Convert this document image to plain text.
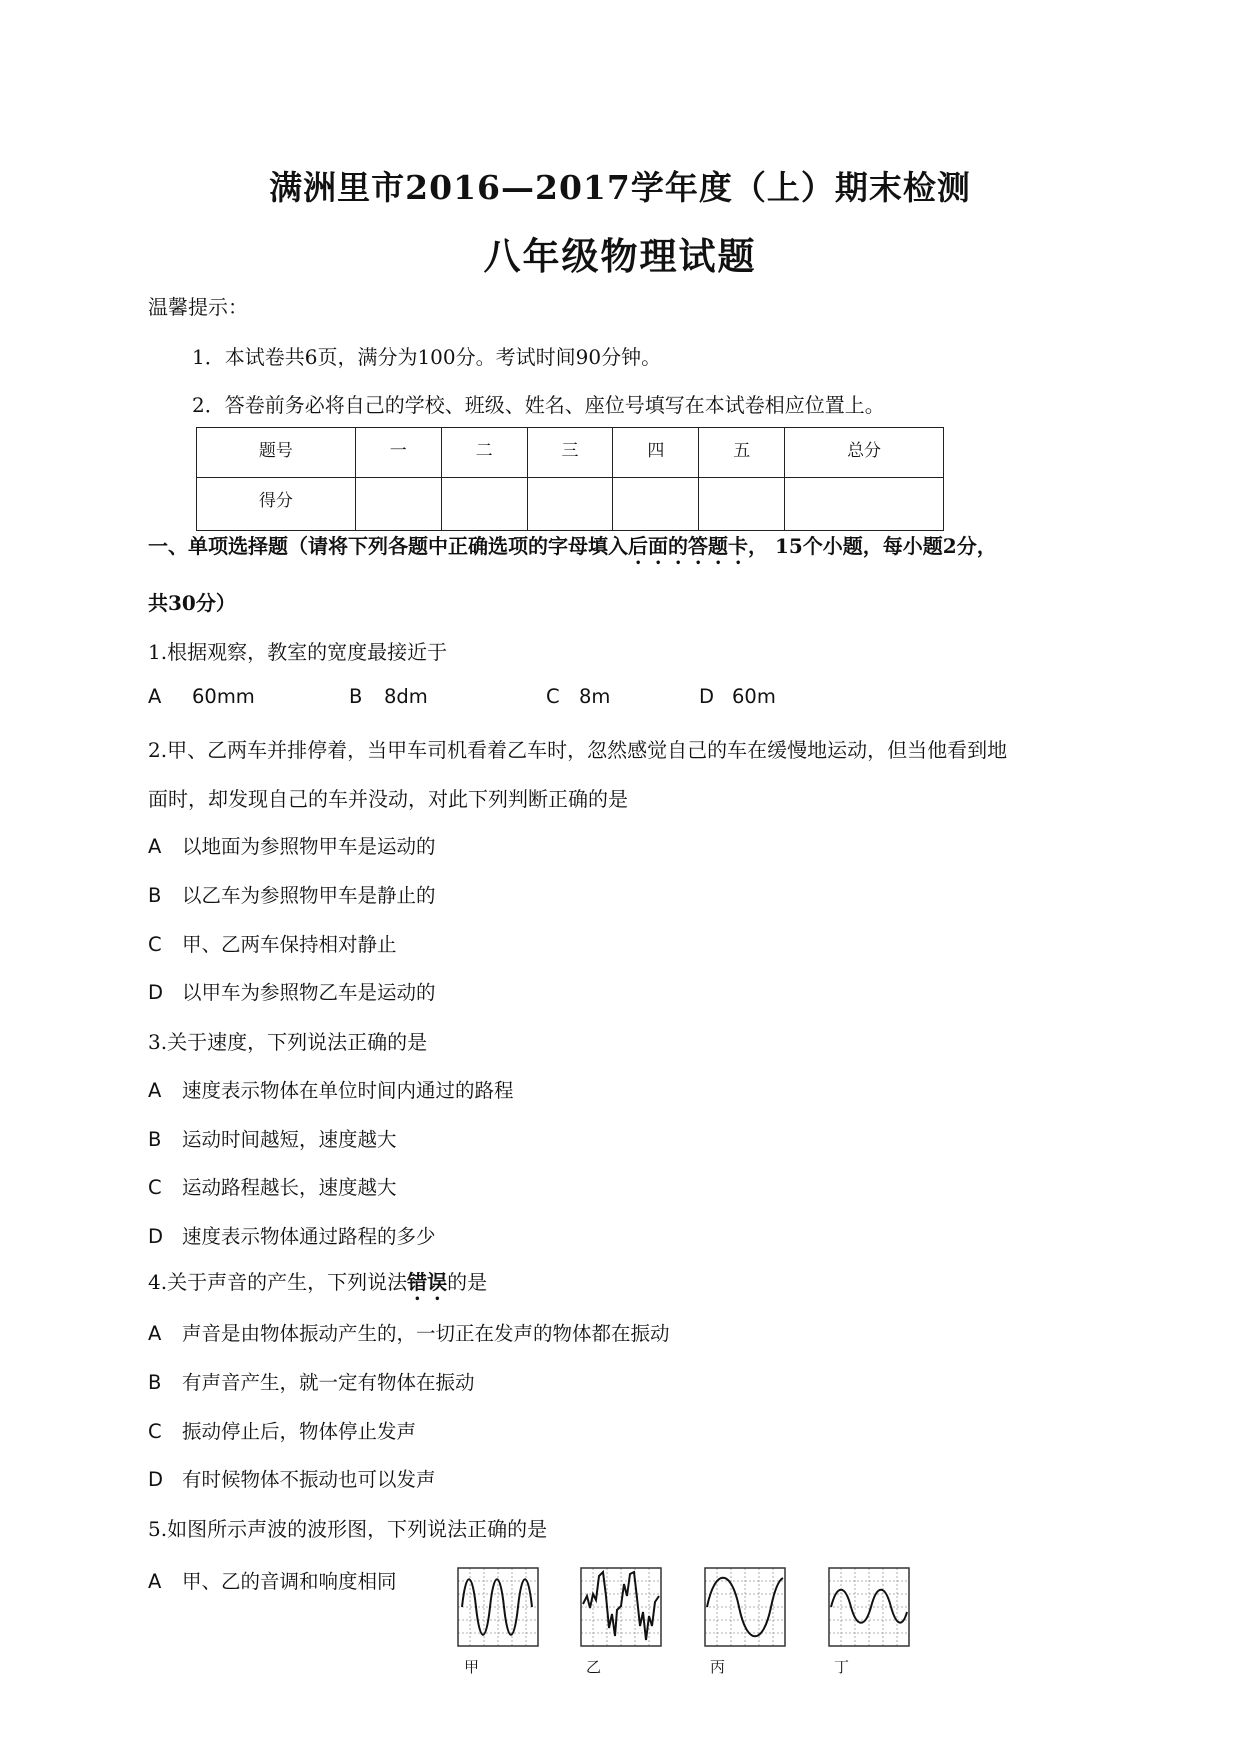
满洲里市2016—2017学年度（上）期末检测
八年级物理试题
温馨提示：
1．本试卷共6页，满分为100分。考试时间90分钟。
2．答卷前务必将自己的学校、班级、姓名、座位号填写在本试卷相应位置上。
题号	一	二	三	四	五	总分
得分						
一、单项选择题（请将下列各题中正确选项的字母填入后面的答题卡， 15个小题，每小题2分，
共30分）
1.根据观察，教室的宽度最接近于
A 60mm	B 8dm	C 8m	D 60m
2.甲、乙两车并排停着，当甲车司机看着乙车时，忽然感觉自己的车在缓慢地运动，但当他看到地
面时，却发现自己的车并没动，对此下列判断正确的是
A 以地面为参照物甲车是运动的
B 以乙车为参照物甲车是静止的
C 甲、乙两车保持相对静止
D 以甲车为参照物乙车是运动的
3.关于速度，下列说法正确的是
A 速度表示物体在单位时间内通过的路程
B 运动时间越短，速度越大
C 运动路程越长，速度越大
D 速度表示物体通过路程的多少
4.关于声音的产生，下列说法错误的是
A 声音是由物体振动产生的，一切正在发声的物体都在振动
B 有声音产生，就一定有物体在振动
C 振动停止后，物体停止发声
D 有时候物体不振动也可以发声
5.如图所示声波的波形图，下列说法正确的是
A 甲、乙的音调和响度相同
甲	乙	丙	丁
